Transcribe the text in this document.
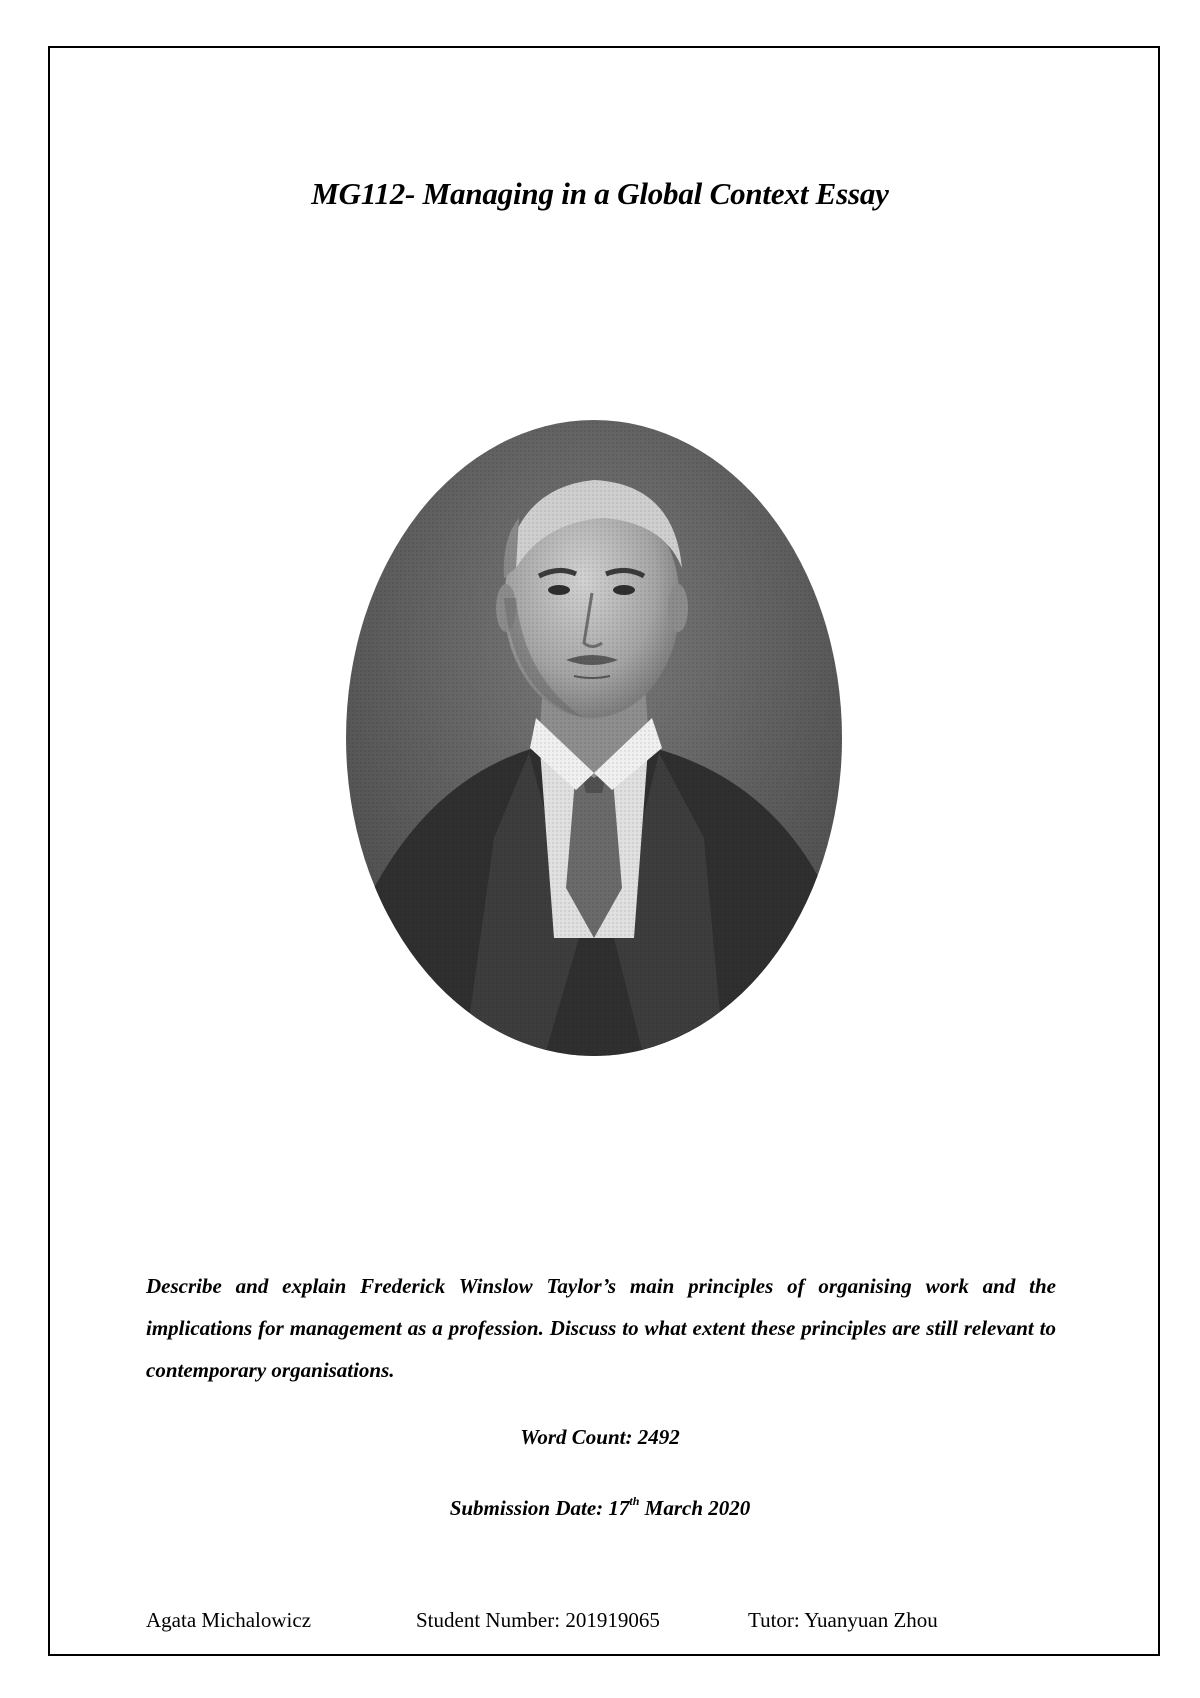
MG112- Managing in a Global Context Essay

Describe and explain Frederick Winslow Taylor’s main principles of organising work and the implications for management as a profession. Discuss to what extent these principles are still relevant to contemporary organisations.

Word Count: 2492
Submission Date: 17th March 2020
Agata Michalowicz	Student Number: 201919065	Tutor: Yuanyuan Zhou
